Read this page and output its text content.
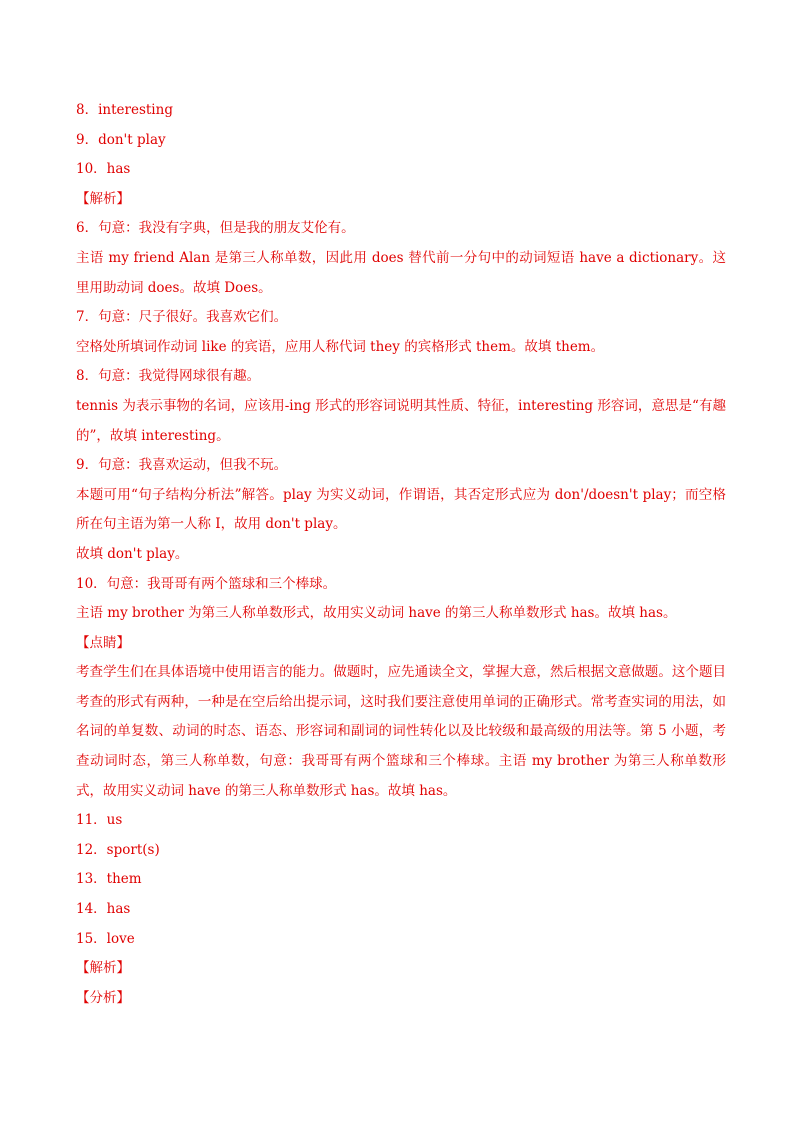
8．interesting
9．don't play
10．has
【解析】
6．句意：我没有字典，但是我的朋友艾伦有。
主语 my friend Alan 是第三人称单数，因此用 does 替代前一分句中的动词短语 have a dictionary。这里用助动词 does。故填 Does。
7．句意：尺子很好。我喜欢它们。
空格处所填词作动词 like 的宾语，应用人称代词 they 的宾格形式 them。故填 them。
8．句意：我觉得网球很有趣。
tennis 为表示事物的名词，应该用-ing 形式的形容词说明其性质、特征，interesting 形容词，意思是“有趣的”，故填 interesting。
9．句意：我喜欢运动，但我不玩。
本题可用“句子结构分析法”解答。play 为实义动词，作谓语，其否定形式应为 don'/doesn't play；而空格所在句主语为第一人称 I，故用 don't play。
故填 don't play。
10．句意：我哥哥有两个篮球和三个棒球。
主语 my brother 为第三人称单数形式，故用实义动词 have 的第三人称单数形式 has。故填 has。
【点睛】
考查学生们在具体语境中使用语言的能力。做题时，应先通读全文，掌握大意，然后根据文意做题。这个题目考查的形式有两种，一种是在空后给出提示词，这时我们要注意使用单词的正确形式。常考查实词的用法，如名词的单复数、动词的时态、语态、形容词和副词的词性转化以及比较级和最高级的用法等。第 5 小题，考查动词时态，第三人称单数，句意：我哥哥有两个篮球和三个棒球。主语 my brother 为第三人称单数形式，故用实义动词 have 的第三人称单数形式 has。故填 has。
11．us
12．sport(s)
13．them
14．has
15．love
【解析】
【分析】
